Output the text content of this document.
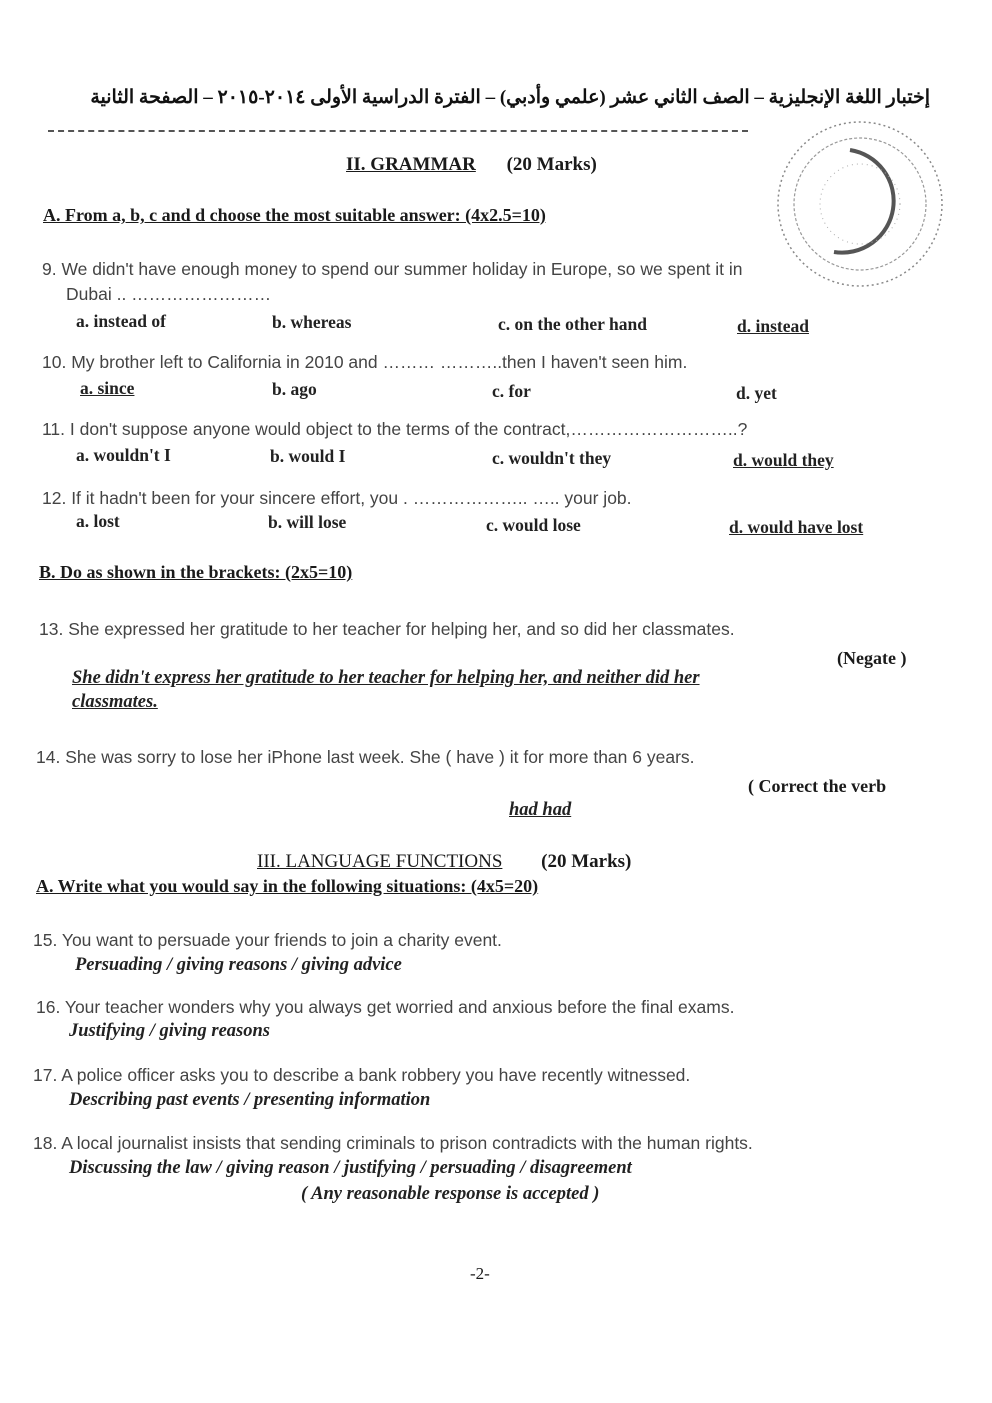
إختبار اللغة الإنجليزية – الصف الثاني عشر (علمي وأدبي) – الفترة الدراسية الأولى ٢٠١٤-٢٠١٥ – الصفحة الثانية
II. GRAMMAR (20 Marks)
A. From a, b, c and d choose the most suitable answer: (4x2.5=10)
9. We didn't have enough money to spend our summer holiday in Europe, so we spent it in
Dubai .. ……………………
a. instead of	b. whereas	c. on the other hand	d. instead
10. My brother left to California in 2010 and ……… ………..then I haven't seen him.
a. since	b. ago	c. for	d. yet
11. I don't suppose anyone would object to the terms of the contract,………………………..?
a. wouldn't I	b. would I	c. wouldn't they	d. would they
12. If it hadn't been for your sincere effort, you . ……………….. ….. your job.
a. lost	b. will lose	c. would lose	d. would have lost
B. Do as shown in the brackets: (2x5=10)
13. She expressed her gratitude to her teacher for helping her, and so did her classmates.
(Negate )
She didn't express her gratitude to her teacher for helping her, and neither did her
classmates.
14. She was sorry to lose her iPhone last week. She ( have ) it for more than 6 years.
( Correct the verb
had had
III. LANGUAGE FUNCTIONS (20 Marks)
A. Write what you would say in the following situations: (4x5=20)
15. You want to persuade your friends to join a charity event.
Persuading / giving reasons / giving advice
16. Your teacher wonders why you always get worried and anxious before the final exams.
Justifying / giving reasons
17. A police officer asks you to describe a bank robbery you have recently witnessed.
Describing past events / presenting information
18. A local journalist insists that sending criminals to prison contradicts with the human rights.
Discussing the law / giving reason / justifying / persuading / disagreement
( Any reasonable response is accepted )
-2-
